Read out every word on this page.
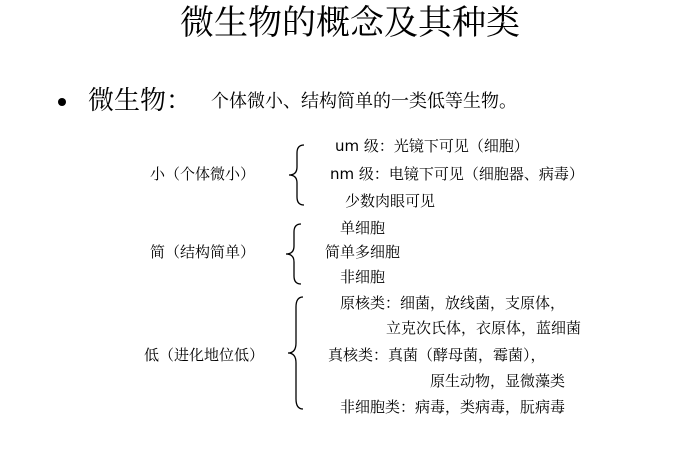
微生物的概念及其种类
微生物： 个体微小、结构简单的一类低等生物。
小（个体微小）
um 级：光镜下可见（细胞）
nm 级：电镜下可见（细胞器、病毒）
少数肉眼可见
简（结构简单）
单细胞
简单多细胞
非细胞
低（进化地位低）
原核类：细菌，放线菌，支原体，
立克次氏体，衣原体，蓝细菌
真核类：真菌（酵母菌，霉菌），
原生动物，显微藻类
非细胞类：病毒，类病毒，朊病毒
